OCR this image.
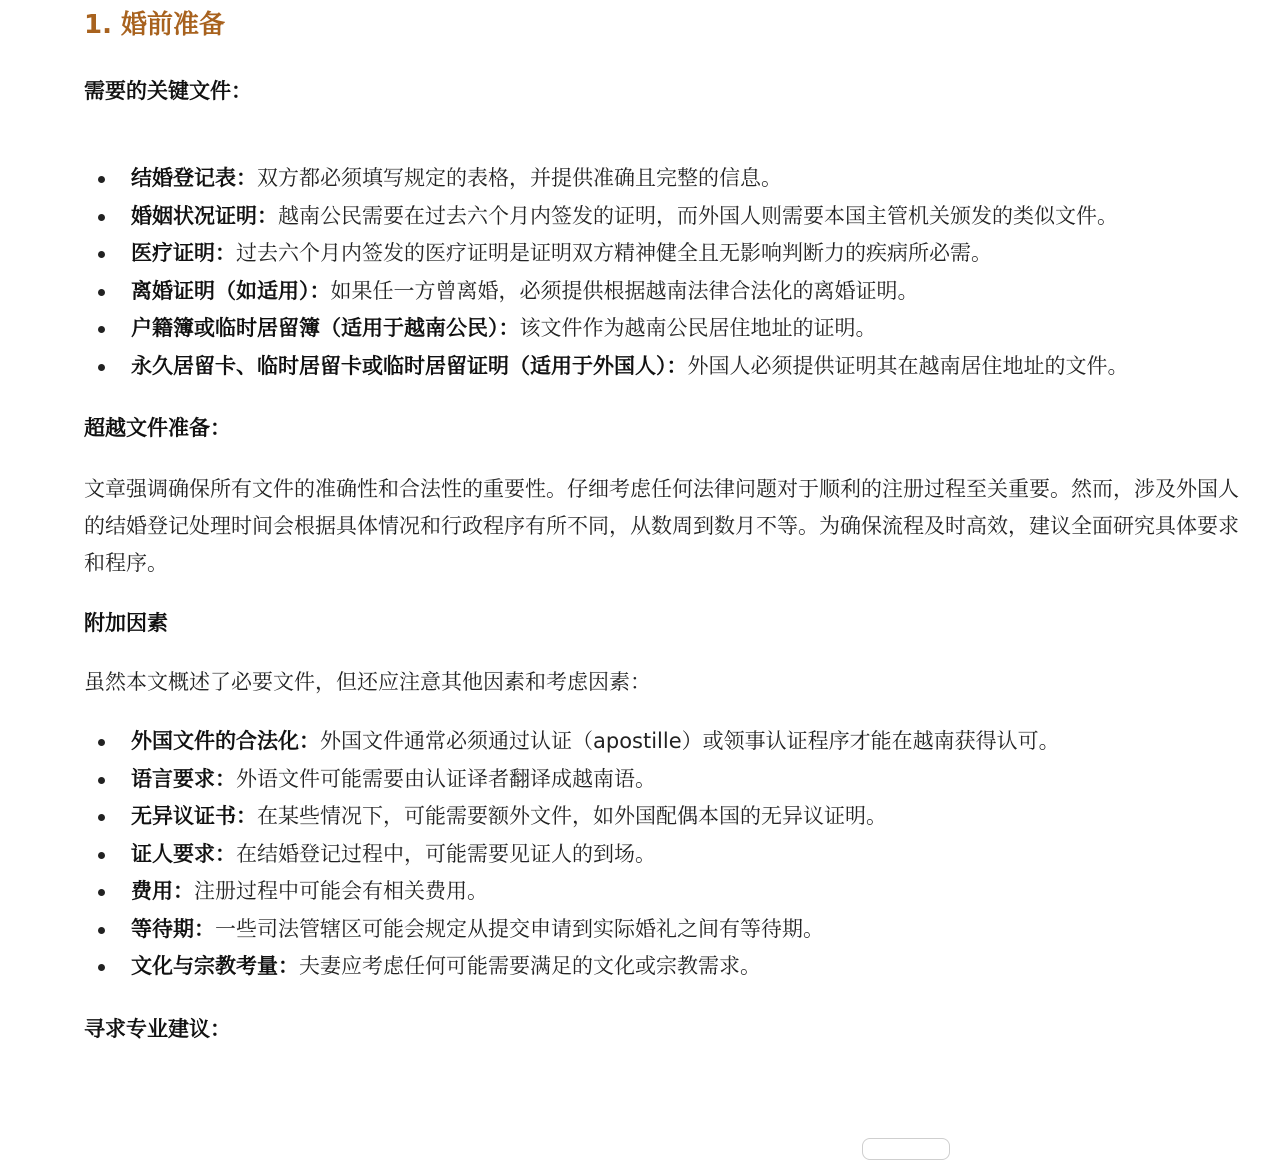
1. 婚前准备

需要的关键文件：

结婚登记表：双方都必须填写规定的表格，并提供准确且完整的信息。
婚姻状况证明：越南公民需要在过去六个月内签发的证明，而外国人则需要本国主管机关颁发的类似文件。
医疗证明：过去六个月内签发的医疗证明是证明双方精神健全且无影响判断力的疾病所必需。
离婚证明（如适用）：如果任一方曾离婚，必须提供根据越南法律合法化的离婚证明。
户籍簿或临时居留簿（适用于越南公民）：该文件作为越南公民居住地址的证明。
永久居留卡、临时居留卡或临时居留证明（适用于外国人）：外国人必须提供证明其在越南居住地址的文件。

超越文件准备：

文章强调确保所有文件的准确性和合法性的重要性。仔细考虑任何法律问题对于顺利的注册过程至关重要。然而，涉及外国人的结婚登记处理时间会根据具体情况和行政程序有所不同，从数周到数月不等。为确保流程及时高效，建议全面研究具体要求和程序。

附加因素

虽然本文概述了必要文件，但还应注意其他因素和考虑因素：

外国文件的合法化：外国文件通常必须通过认证（apostille）或领事认证程序才能在越南获得认可。
语言要求：外语文件可能需要由认证译者翻译成越南语。
无异议证书：在某些情况下，可能需要额外文件，如外国配偶本国的无异议证明。
证人要求：在结婚登记过程中，可能需要见证人的到场。
费用：注册过程中可能会有相关费用。
等待期：一些司法管辖区可能会规定从提交申请到实际婚礼之间有等待期。
文化与宗教考量：夫妻应考虑任何可能需要满足的文化或宗教需求。

寻求专业建议：
